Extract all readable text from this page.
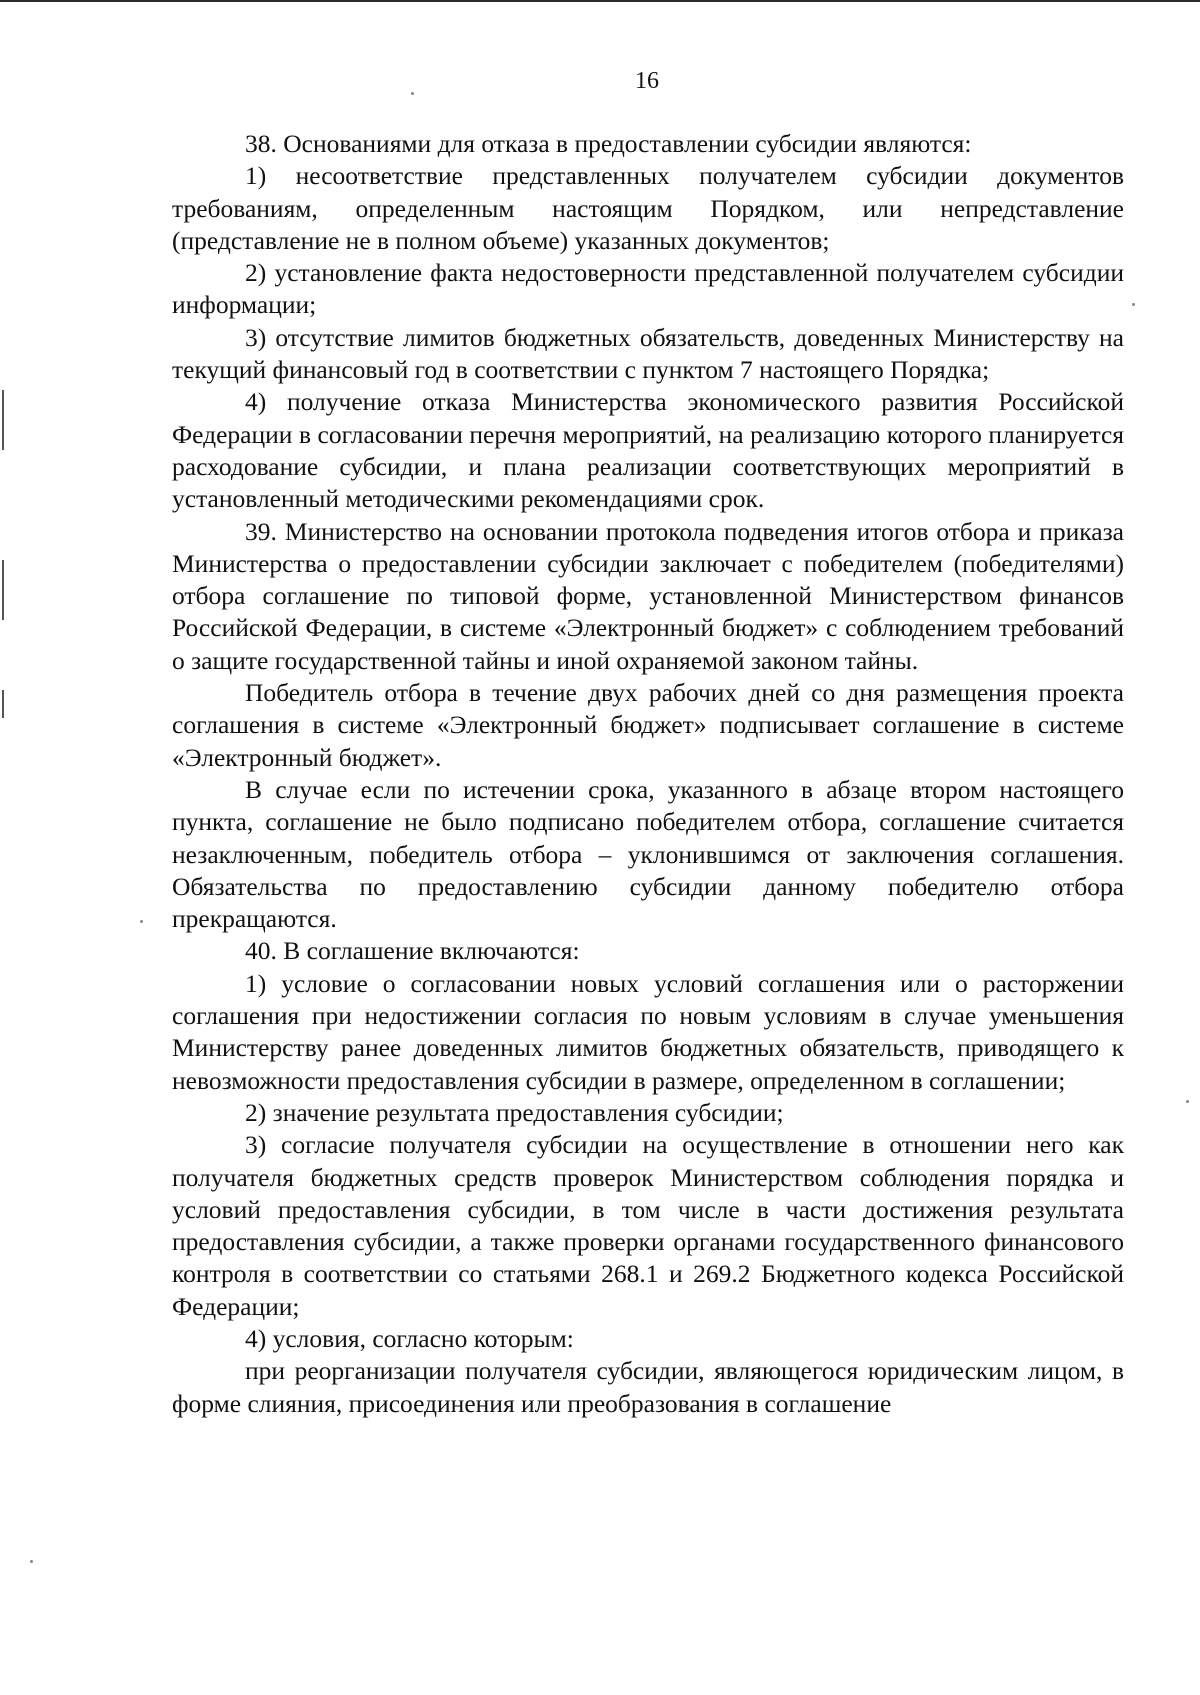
16

38. Основаниями для отказа в предоставлении субсидии являются:

1) несоответствие представленных получателем субсидии документов требованиям, определенным настоящим Порядком, или непредставление (представление не в полном объеме) указанных документов;

2) установление факта недостоверности представленной получателем субсидии информации;

3) отсутствие лимитов бюджетных обязательств, доведенных Министерству на текущий финансовый год в соответствии с пунктом 7 настоящего Порядка;

4) получение отказа Министерства экономического развития Российской Федерации в согласовании перечня мероприятий, на реализацию которого планируется расходование субсидии, и плана реализации соответствующих мероприятий в установленный методическими рекомендациями срок.

39. Министерство на основании протокола подведения итогов отбора и приказа Министерства о предоставлении субсидии заключает с победителем (победителями) отбора соглашение по типовой форме, установленной Министерством финансов Российской Федерации, в системе «Электронный бюджет» с соблюдением требований о защите государственной тайны и иной охраняемой законом тайны.

Победитель отбора в течение двух рабочих дней со дня размещения проекта соглашения в системе «Электронный бюджет» подписывает соглашение в системе «Электронный бюджет».

В случае если по истечении срока, указанного в абзаце втором настоящего пункта, соглашение не было подписано победителем отбора, соглашение считается незаключенным, победитель отбора – уклонившимся от заключения соглашения. Обязательства по предоставлению субсидии данному победителю отбора прекращаются.

40. В соглашение включаются:

1) условие о согласовании новых условий соглашения или о расторжении соглашения при недостижении согласия по новым условиям в случае уменьшения Министерству ранее доведенных лимитов бюджетных обязательств, приводящего к невозможности предоставления субсидии в размере, определенном в соглашении;

2) значение результата предоставления субсидии;

3) согласие получателя субсидии на осуществление в отношении него как получателя бюджетных средств проверок Министерством соблюдения порядка и условий предоставления субсидии, в том числе в части достижения результата предоставления субсидии, а также проверки органами государственного финансового контроля в соответствии со статьями 268.1 и 269.2 Бюджетного кодекса Российской Федерации;

4) условия, согласно которым:

при реорганизации получателя субсидии, являющегося юридическим лицом, в форме слияния, присоединения или преобразования в соглашение
